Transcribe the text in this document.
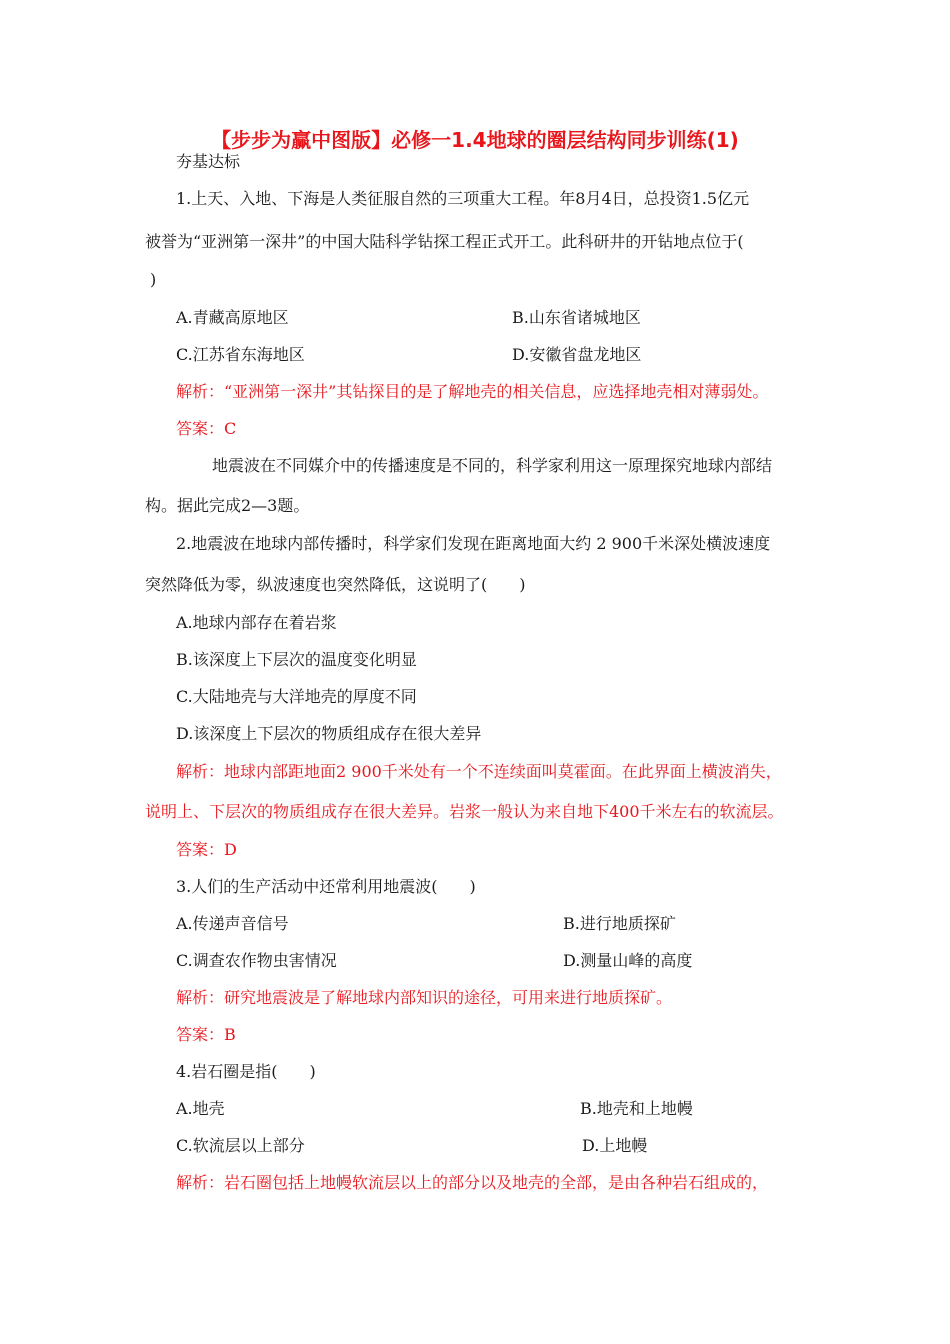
【步步为赢中图版】必修一1.4地球的圈层结构同步训练(1)
夯基达标
1.上天、入地、下海是人类征服自然的三项重大工程。年8月4日，总投资1.5亿元
被誉为“亚洲第一深井”的中国大陆科学钻探工程正式开工。此科研井的开钻地点位于(
)
A.青藏高原地区	B.山东省诸城地区
C.江苏省东海地区	D.安徽省盘龙地区
解析：“亚洲第一深井”其钻探目的是了解地壳的相关信息，应选择地壳相对薄弱处。
答案：C
地震波在不同媒介中的传播速度是不同的，科学家利用这一原理探究地球内部结
构。据此完成2—3题。
2.地震波在地球内部传播时，科学家们发现在距离地面大约 2 900千米深处横波速度
突然降低为零，纵波速度也突然降低，这说明了(　　)
A.地球内部存在着岩浆
B.该深度上下层次的温度变化明显
C.大陆地壳与大洋地壳的厚度不同
D.该深度上下层次的物质组成存在很大差异
解析：地球内部距地面2 900千米处有一个不连续面叫莫霍面。在此界面上横波消失，
说明上、下层次的物质组成存在很大差异。岩浆一般认为来自地下400千米左右的软流层。
答案：D
3.人们的生产活动中还常利用地震波(　　)
A.传递声音信号	B.进行地质探矿
C.调查农作物虫害情况	D.测量山峰的高度
解析：研究地震波是了解地球内部知识的途径，可用来进行地质探矿。
答案：B
4.岩石圈是指(　　)
A.地壳	B.地壳和上地幔
C.软流层以上部分	D.上地幔
解析：岩石圈包括上地幔软流层以上的部分以及地壳的全部，是由各种岩石组成的，
